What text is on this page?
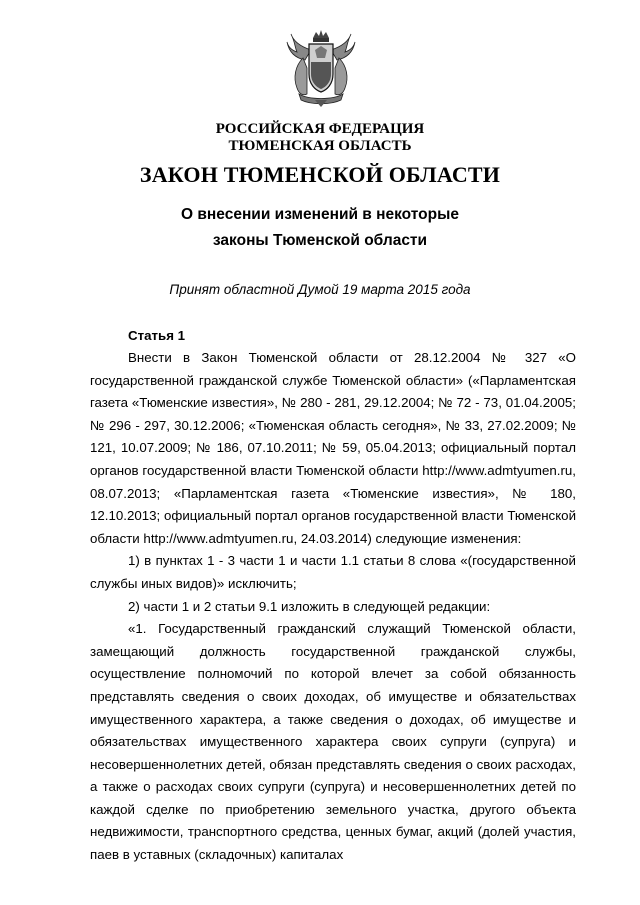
РОССИЙСКАЯ ФЕДЕРАЦИЯ
ТЮМЕНСКАЯ ОБЛАСТЬ
ЗАКОН ТЮМЕНСКОЙ ОБЛАСТИ
О внесении изменений в некоторые
законы Тюменской области
Принят областной Думой 19 марта 2015 года
Статья 1

Внести в Закон Тюменской области от 28.12.2004 № 327 «О государственной гражданской службе Тюменской области» («Парламентская газета «Тюменские известия», № 280 - 281, 29.12.2004; № 72 - 73, 01.04.2005; № 296 - 297, 30.12.2006; «Тюменская область сегодня», № 33, 27.02.2009; № 121, 10.07.2009; № 186, 07.10.2011; № 59, 05.04.2013; официальный портал органов государственной власти Тюменской области http://www.admtyumen.ru, 08.07.2013; «Парламентская газета «Тюменские известия», № 180, 12.10.2013; официальный портал органов государственной власти Тюменской области http://www.admtyumen.ru, 24.03.2014) следующие изменения:

1) в пунктах 1 - 3 части 1 и части 1.1 статьи 8 слова «(государственной службы иных видов)» исключить;

2) части 1 и 2 статьи 9.1 изложить в следующей редакции:

«1. Государственный гражданский служащий Тюменской области, замещающий должность государственной гражданской службы, осуществление полномочий по которой влечет за собой обязанность представлять сведения о своих доходах, об имуществе и обязательствах имущественного характера, а также сведения о доходах, об имуществе и обязательствах имущественного характера своих супруги (супруга) и несовершеннолетних детей, обязан представлять сведения о своих расходах, а также о расходах своих супруги (супруга) и несовершеннолетних детей по каждой сделке по приобретению земельного участка, другого объекта недвижимости, транспортного средства, ценных бумаг, акций (долей участия, паев в уставных (складочных) капиталах
